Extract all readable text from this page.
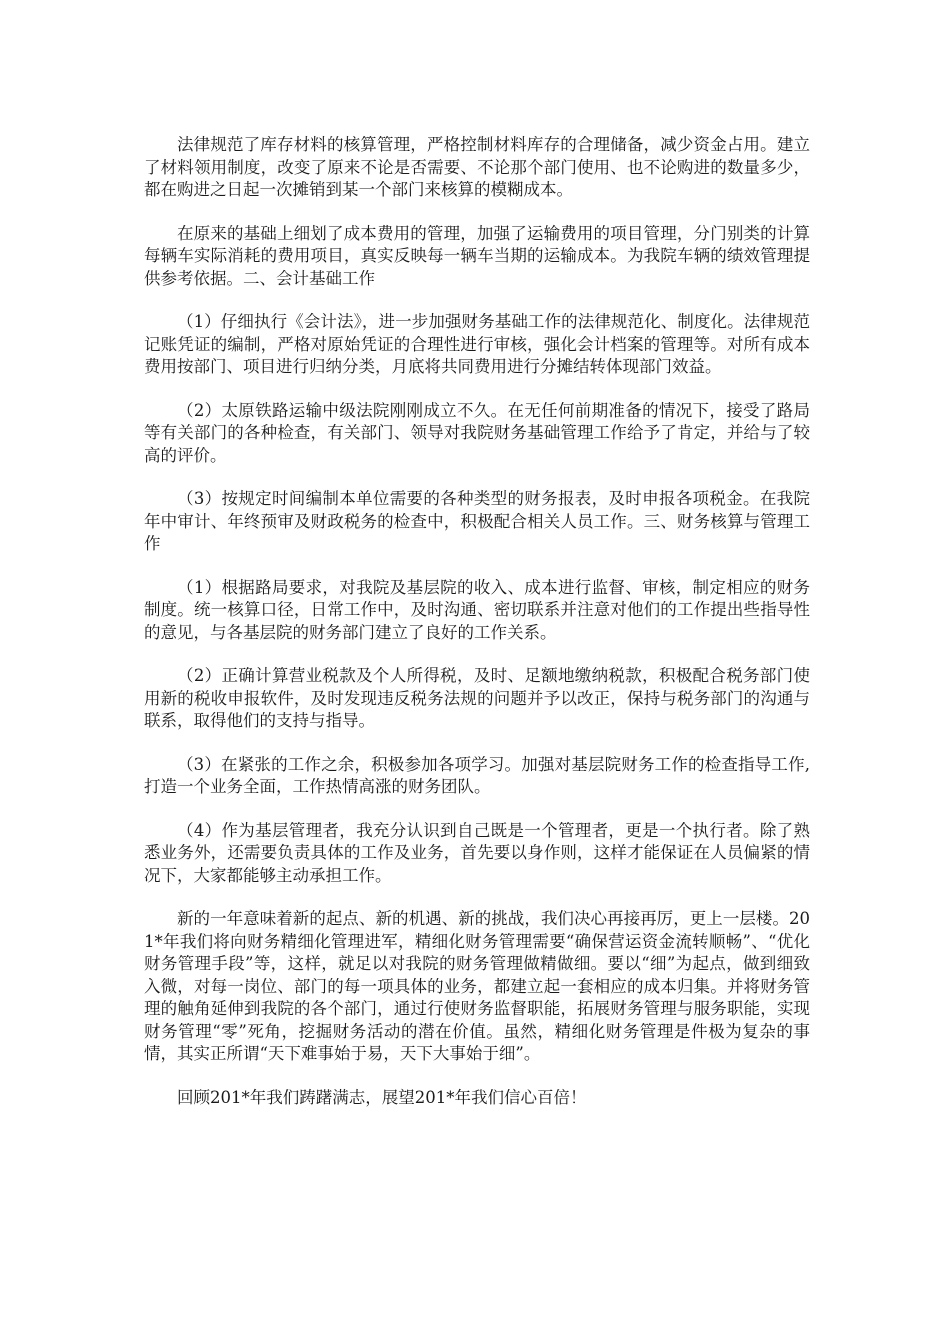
法律规范了库存材料的核算管理，严格控制材料库存的合理储备，减少资金占用。建立了材料领用制度，改变了原来不论是否需要、不论那个部门使用、也不论购进的数量多少，都在购进之日起一次摊销到某一个部门来核算的模糊成本。

在原来的基础上细划了成本费用的管理，加强了运输费用的项目管理，分门别类的计算每辆车实际消耗的费用项目，真实反映每一辆车当期的运输成本。为我院车辆的绩效管理提供参考依据。二、会计基础工作

（1）仔细执行《会计法》，进一步加强财务基础工作的法律规范化、制度化。法律规范记账凭证的编制，严格对原始凭证的合理性进行审核，强化会计档案的管理等。对所有成本费用按部门、项目进行归纳分类，月底将共同费用进行分摊结转体现部门效益。

（2）太原铁路运输中级法院刚刚成立不久。在无任何前期准备的情况下，接受了路局等有关部门的各种检查，有关部门、领导对我院财务基础管理工作给予了肯定，并给与了较高的评价。

（3）按规定时间编制本单位需要的各种类型的财务报表，及时申报各项税金。在我院年中审计、年终预审及财政税务的检查中，积极配合相关人员工作。三、财务核算与管理工作

（1）根据路局要求，对我院及基层院的收入、成本进行监督、审核，制定相应的财务制度。统一核算口径，日常工作中，及时沟通、密切联系并注意对他们的工作提出些指导性的意见，与各基层院的财务部门建立了良好的工作关系。

（2）正确计算营业税款及个人所得税，及时、足额地缴纳税款，积极配合税务部门使用新的税收申报软件，及时发现违反税务法规的问题并予以改正，保持与税务部门的沟通与联系，取得他们的支持与指导。

（3）在紧张的工作之余，积极参加各项学习。加强对基层院财务工作的检查指导工作,打造一个业务全面，工作热情高涨的财务团队。

（4）作为基层管理者，我充分认识到自己既是一个管理者，更是一个执行者。除了熟悉业务外，还需要负责具体的工作及业务，首先要以身作则，这样才能保证在人员偏紧的情况下，大家都能够主动承担工作。

新的一年意味着新的起点、新的机遇、新的挑战，我们决心再接再厉，更上一层楼。201*年我们将向财务精细化管理进军，精细化财务管理需要“确保营运资金流转顺畅”、“优化财务管理手段”等，这样，就足以对我院的财务管理做精做细。要以“细”为起点，做到细致入微，对每一岗位、部门的每一项具体的业务，都建立起一套相应的成本归集。并将财务管理的触角延伸到我院的各个部门，通过行使财务监督职能，拓展财务管理与服务职能，实现财务管理“零”死角，挖掘财务活动的潜在价值。虽然，精细化财务管理是件极为复杂的事情，其实正所谓“天下难事始于易，天下大事始于细”。

回顾201*年我们踌躇满志，展望201*年我们信心百倍！
